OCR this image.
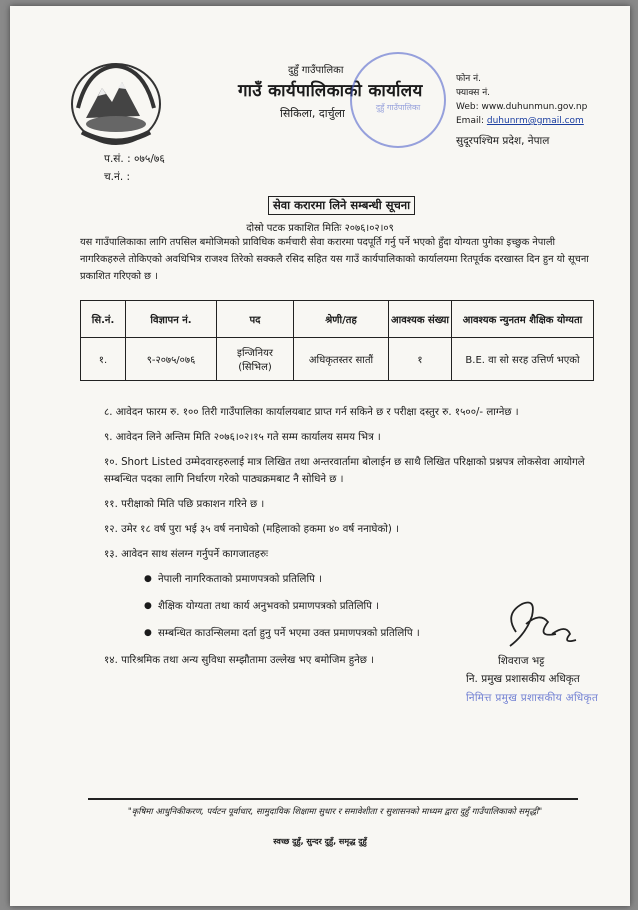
दुहुँ गाउँपालिका
गाउँ कार्यपालिकाको कार्यालय
सिकिला, दार्चुला	दुहुँ गाउँपालिका
फोन नं.
फ्याक्स नं.
Web: www.duhunmun.gov.np
Email: duhunrm@gmail.com
सुदूरपश्चिम प्रदेश, नेपाल
प.सं. : ०७५/७६
च.नं. :
सेवा करारमा लिने सम्बन्धी सूचना
दोस्रो पटक प्रकाशित मितिः २०७६।०२।०९
यस गाउँपालिकाका लागि तपसिल बमोजिमको प्राविधिक कर्मचारी सेवा करारमा पदपूर्ति गर्नु पर्ने भएको हुँदा योग्यता पुगेका इच्छुक नेपाली नागरिकहरुले तोकिएको अवधिभित्र राजश्व तिरेको सक्कलै रसिद सहित यस गाउँ कार्यपालिकाको कार्यालयमा रितपूर्वक दरखास्त दिन हुन यो सूचना प्रकाशित गरिएको छ ।
सि.नं.	विज्ञापन नं.	पद	श्रेणी/तह	आवश्यक संख्या	आवश्यक न्युनतम शैक्षिक योग्यता
१.	९-२०७५/०७६	इन्जिनियर (सिभिल)	अधिकृतस्तर सातौं	१	B.E. वा सो सरह उत्तिर्ण भएको

८. आवेदन फारम रु. १०० तिरी गाउँपालिका कार्यालयबाट प्राप्त गर्न सकिने छ र परीक्षा दस्तुर रु. १५००/- लाग्नेछ ।

९. आवेदन लिने अन्तिम मिति २०७६।०२।१५ गते सम्म कार्यालय समय भित्र ।

१०. Short Listed उम्मेदवारहरुलाई मात्र लिखित तथा अन्तरवार्तामा बोलाईन छ साथै लिखित परिक्षाको प्रश्नपत्र लोकसेवा आयोगले सम्बन्धित पदका लागि निर्धारण गरेको पाठ्यक्रमबाट नै सोधिने छ ।

११. परीक्षाको मिति पछि प्रकाशन गरिने छ ।

१२. उमेर १८ वर्ष पुरा भई ३५ वर्ष ननाघेको (महिलाको हकमा ४० वर्ष ननाघेको) ।

१३. आवेदन साथ संलग्न गर्नुपर्ने कागजातहरुः

● नेपाली नागरिकताको प्रमाणपत्रको प्रतिलिपि ।
● शैक्षिक योग्यता तथा कार्य अनुभवको प्रमाणपत्रको प्रतिलिपि ।
● सम्बन्धित काउन्सिलमा दर्ता हुनु पर्ने भएमा उक्त प्रमाणपत्रको प्रतिलिपि ।

१४. पारिश्रमिक तथा अन्य सुविधा सम्झौतामा उल्लेख भए बमोजिम हुनेछ ।	शिवराज भट्ट
नि. प्रमुख प्रशासकीय अधिकृत
निमित्त प्रमुख प्रशासकीय अधिकृत
"कृषिमा आधुनिकीकरण, पर्यटन पूर्वाधार, सामुदायिक शिक्षामा सुधार र समावेशीता र सुशासनको माध्यम द्वारा दुहुँ गाउँपालिकाको समृद्धी"
स्वच्छ दुहुँ, सुन्दर दुहुँ, समृद्ध दुहुँ
